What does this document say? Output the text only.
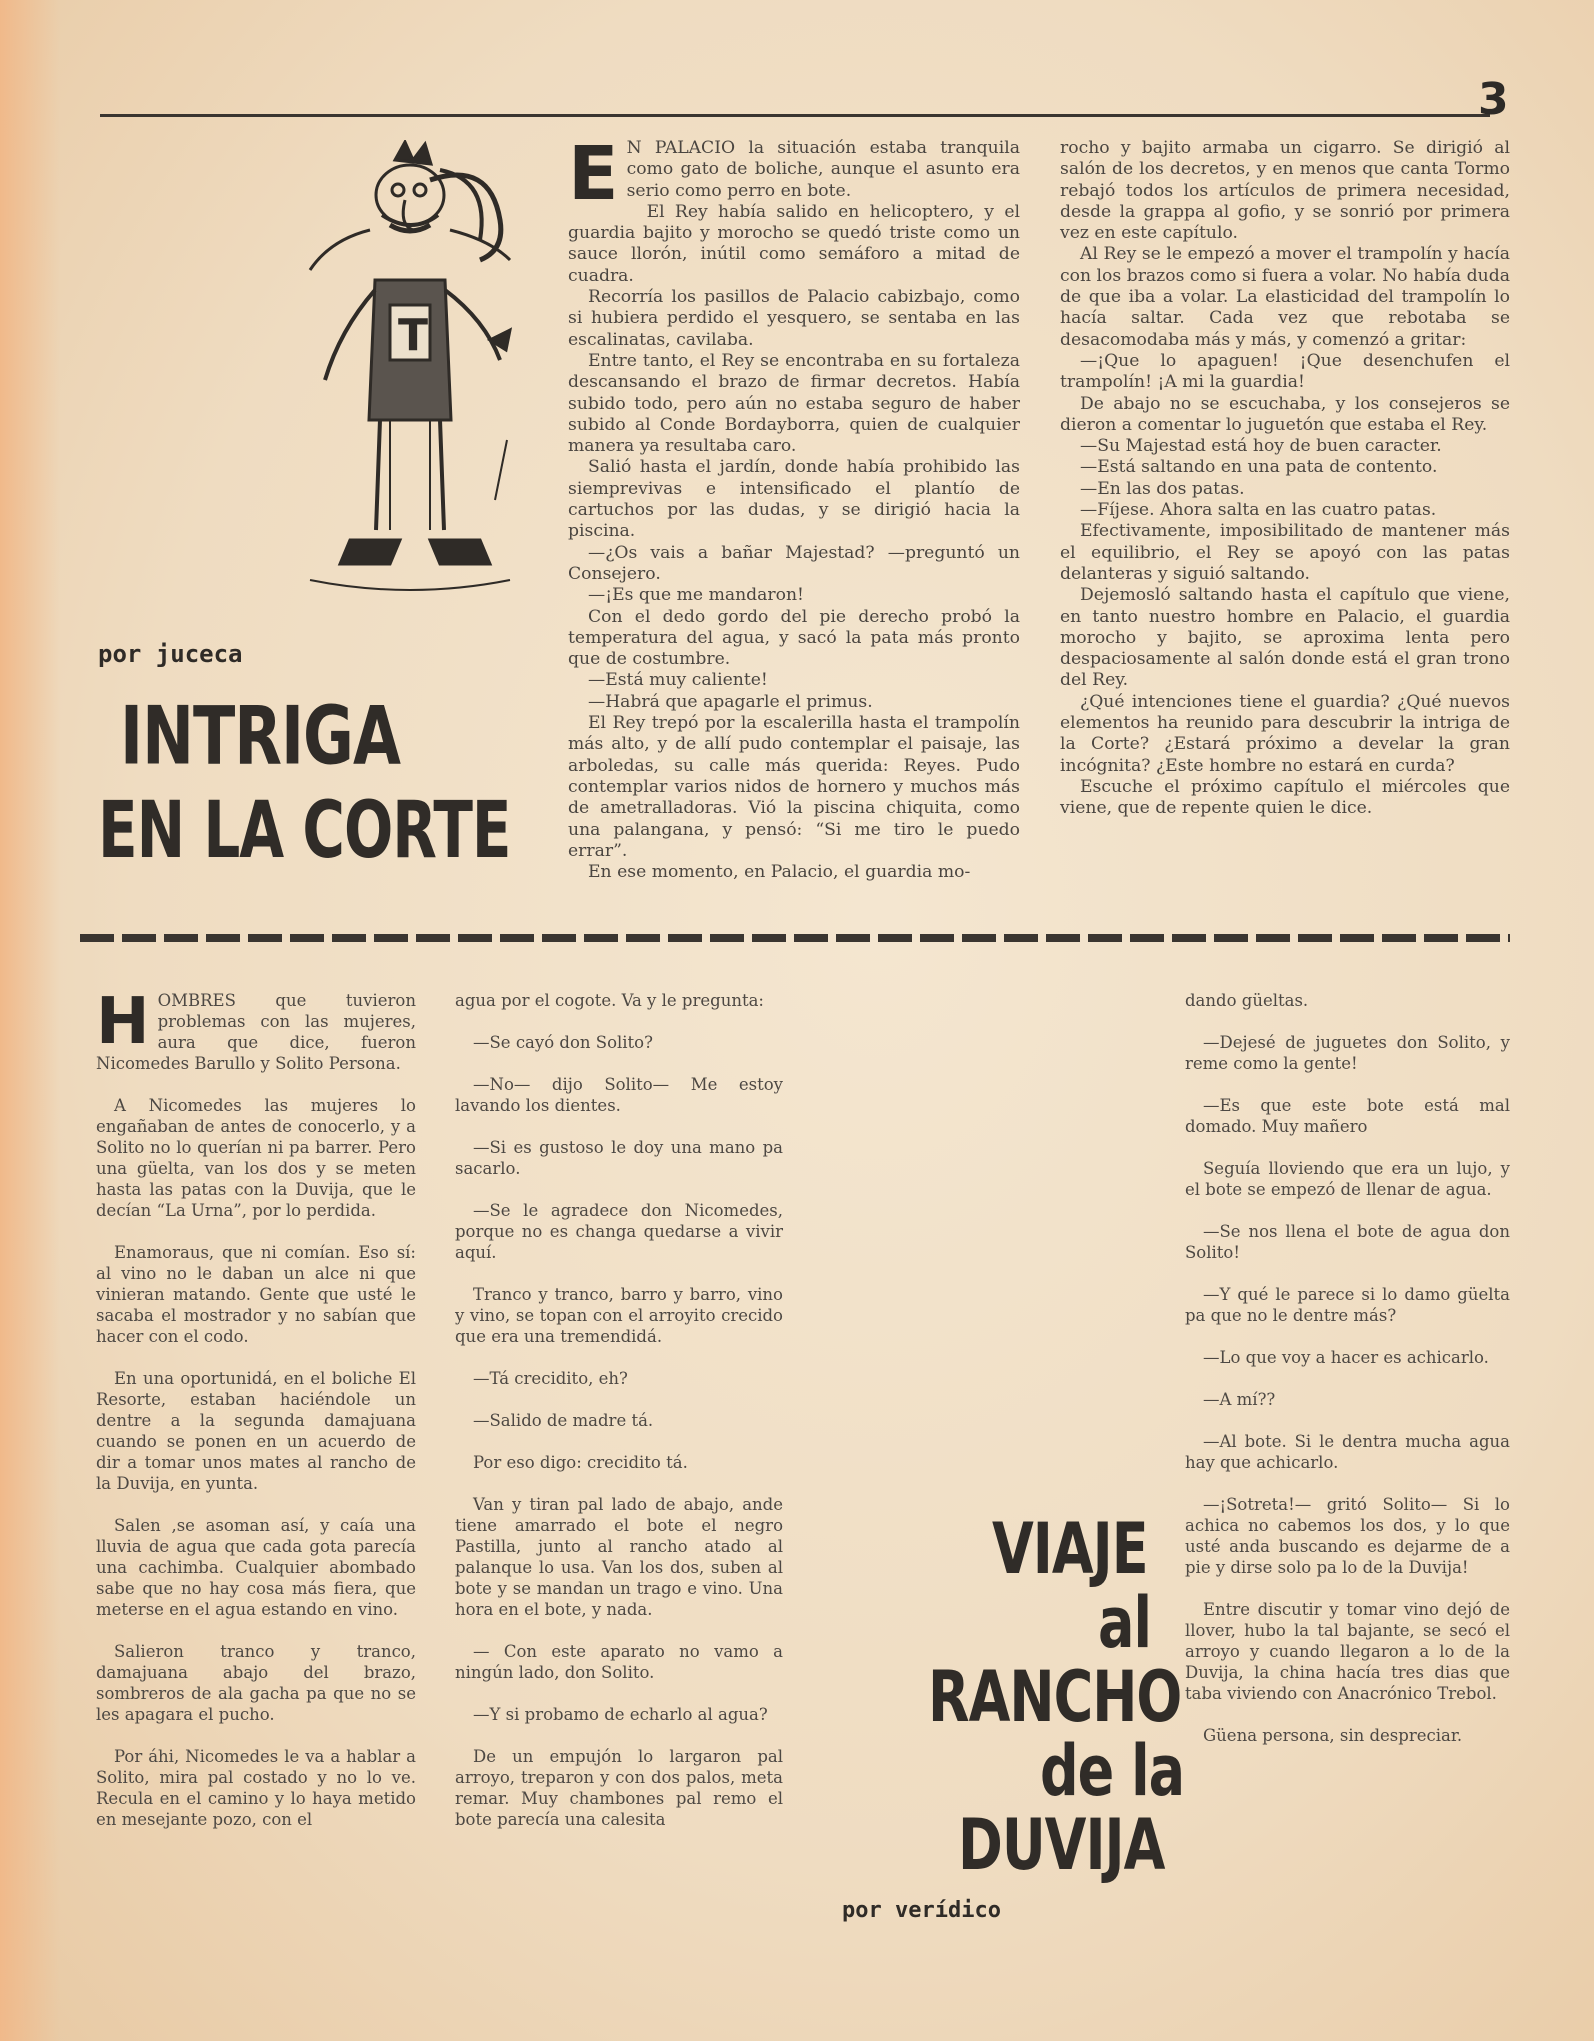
3
T
por juceca
INTRIGA
EN LA CORTE
E N PALACIO la situación estaba tranquila como gato de boliche, aunque el asunto era serio como perro en bote.

El Rey había salido en helicoptero, y el guardia bajito y morocho se quedó triste como un sauce llorón, inútil como semáforo a mitad de cuadra.

Recorría los pasillos de Palacio cabizbajo, como si hubiera perdido el yesquero, se sentaba en las escalinatas, cavilaba.

Entre tanto, el Rey se encontraba en su fortaleza descansando el brazo de firmar decretos. Había subido todo, pero aún no estaba seguro de haber subido al Conde Bordayborra, quien de cualquier manera ya resultaba caro.

Salió hasta el jardín, donde había prohibido las siemprevivas e intensificado el plantío de cartuchos por las dudas, y se dirigió hacia la piscina.

—¿Os vais a bañar Majestad? —preguntó un Consejero.

—¡Es que me mandaron!

Con el dedo gordo del pie derecho probó la temperatura del agua, y sacó la pata más pronto que de costumbre.

—Está muy caliente!

—Habrá que apagarle el primus.

El Rey trepó por la escalerilla hasta el trampolín más alto, y de allí pudo contemplar el paisaje, las arboledas, su calle más querida: Reyes. Pudo contemplar varios nidos de hornero y muchos más de ametralladoras. Vió la piscina chiquita, como una palangana, y pensó: “Si me tiro le puedo errar”.

En ese momento, en Palacio, el guardia mo-

rocho y bajito armaba un cigarro. Se dirigió al salón de los decretos, y en menos que canta Tormo rebajó todos los artículos de primera necesidad, desde la grappa al gofio, y se sonrió por primera vez en este capítulo.

Al Rey se le empezó a mover el trampolín y hacía con los brazos como si fuera a volar. No había duda de que iba a volar. La elasticidad del trampolín lo hacía saltar. Cada vez que rebotaba se desacomodaba más y más, y comenzó a gritar:

—¡Que lo apaguen! ¡Que desenchufen el trampolín! ¡A mi la guardia!

De abajo no se escuchaba, y los consejeros se dieron a comentar lo juguetón que estaba el Rey.

—Su Majestad está hoy de buen caracter.

—Está saltando en una pata de contento.

—En las dos patas.

—Fíjese. Ahora salta en las cuatro patas.

Efectivamente, imposibilitado de mantener más el equilibrio, el Rey se apoyó con las patas delanteras y siguió saltando.

Dejemosló saltando hasta el capítulo que viene, en tanto nuestro hombre en Palacio, el guardia morocho y bajito, se aproxima lenta pero despaciosamente al salón donde está el gran trono del Rey.

¿Qué intenciones tiene el guardia? ¿Qué nuevos elementos ha reunido para descubrir la intriga de la Corte? ¿Estará próximo a develar la gran incógnita? ¿Este hombre no estará en curda?

Escuche el próximo capítulo el miércoles que viene, que de repente quien le dice.

H OMBRES que tuvieron problemas con las mujeres, aura que dice, fueron Nicomedes Barullo y Solito Persona.

A Nicomedes las mujeres lo engañaban de antes de conocerlo, y a Solito no lo querían ni pa barrer. Pero una güelta, van los dos y se meten hasta las patas con la Duvija, que le decían “La Urna”, por lo perdida.

Enamoraus, que ni comían. Eso sí: al vino no le daban un alce ni que vinieran matando. Gente que usté le sacaba el mostrador y no sabían que hacer con el codo.

En una oportunidá, en el boliche El Resorte, estaban haciéndole un dentre a la segunda damajuana cuando se ponen en un acuerdo de dir a tomar unos mates al rancho de la Duvija, en yunta.

Salen ,se asoman así, y caía una lluvia de agua que cada gota parecía una cachimba. Cualquier abombado sabe que no hay cosa más fiera, que meterse en el agua estando en vino.

Salieron tranco y tranco, damajuana abajo del brazo, sombreros de ala gacha pa que no se les apagara el pucho.

Por áhi, Nicomedes le va a hablar a Solito, mira pal costado y no lo ve. Recula en el camino y lo haya metido en mesejante pozo, con el

agua por el cogote. Va y le pregunta:

—Se cayó don Solito?

—No— dijo Solito— Me estoy lavando los dientes.

—Si es gustoso le doy una mano pa sacarlo.

—Se le agradece don Nicomedes, porque no es changa quedarse a vivir aquí.

Tranco y tranco, barro y barro, vino y vino, se topan con el arroyito crecido que era una tremendidá.

—Tá crecidito, eh?

—Salido de madre tá.

Por eso digo: crecidito tá.

Van y tiran pal lado de abajo, ande tiene amarrado el bote el negro Pastilla, junto al rancho atado al palanque lo usa. Van los dos, suben al bote y se mandan un trago e vino. Una hora en el bote, y nada.

— Con este aparato no vamo a ningún lado, don Solito.

—Y si probamo de echarlo al agua?

De un empujón lo largaron pal arroyo, treparon y con dos palos, meta remar. Muy chambones pal remo el bote parecía una calesita

VIAJE
al
RANCHO
de la
DUVIJA
por verídico

dando güeltas.

—Dejesé de juguetes don Solito, y reme como la gente!

—Es que este bote está mal domado. Muy mañero

Seguía lloviendo que era un lujo, y el bote se empezó de llenar de agua.

—Se nos llena el bote de agua don Solito!

—Y qué le parece si lo damo güelta pa que no le dentre más?

—Lo que voy a hacer es achicarlo.

—A mí??

—Al bote. Si le dentra mucha agua hay que achicarlo.

—¡Sotreta!— gritó Solito— Si lo achica no cabemos los dos, y lo que usté anda buscando es dejarme de a pie y dirse solo pa lo de la Duvija!

Entre discutir y tomar vino dejó de llover, hubo la tal bajante, se secó el arroyo y cuando llegaron a lo de la Duvija, la china hacía tres dias que taba viviendo con Anacrónico Trebol.

Güena persona, sin despreciar.
